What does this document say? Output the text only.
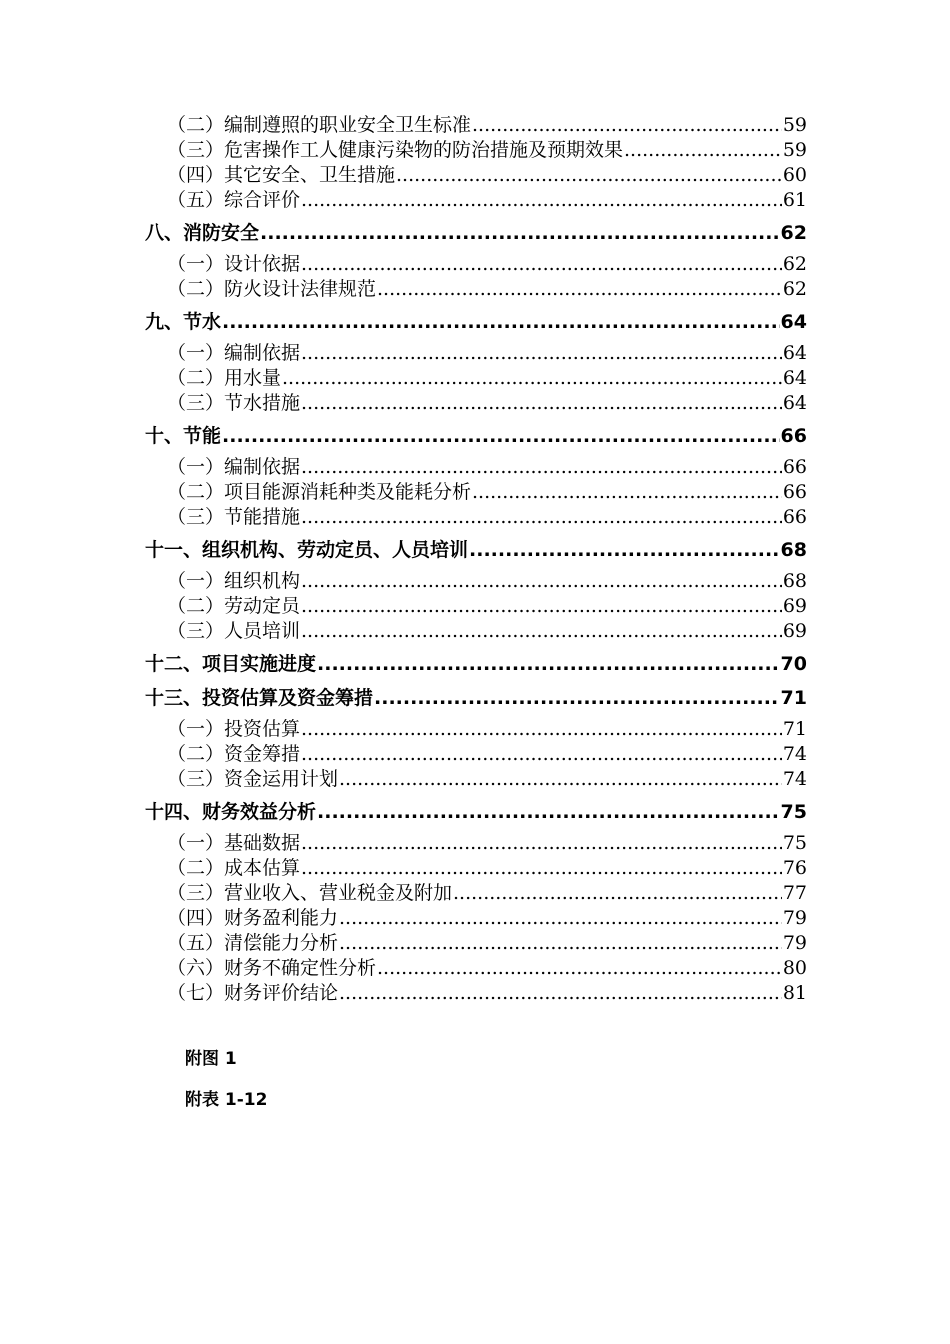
（二）编制遵照的职业安全卫生标准 .....	59
（三）危害操作工人健康污染物的防治措施及预期效果 .....	59
（四）其它安全、卫生措施 .....	60
（五）综合评价 .....	61
八、消防安全 .....	62
（一）设计依据 .....	62
（二）防火设计法律规范 .....	62
九、节水 .....	64
（一）编制依据 .....	64
（二）用水量 .....	64
（三）节水措施 .....	64
十、节能 .....	66
（一）编制依据 .....	66
（二）项目能源消耗种类及能耗分析 .....	66
（三）节能措施 .....	66
十一、组织机构、劳动定员、人员培训 .....	68
（一）组织机构 .....	68
（二）劳动定员 .....	69
（三）人员培训 .....	69
十二、项目实施进度 .....	70
十三、投资估算及资金筹措 .....	71
（一）投资估算 .....	71
（二）资金筹措 .....	74
（三）资金运用计划 .....	74
十四、财务效益分析 .....	75
（一）基础数据 .....	75
（二）成本估算 .....	76
（三）营业收入、营业税金及附加 .....	77
（四）财务盈利能力 .....	79
（五）清偿能力分析 .....	79
（六）财务不确定性分析 .....	80
（七）财务评价结论 .....	81
附图 1
附表 1-12
